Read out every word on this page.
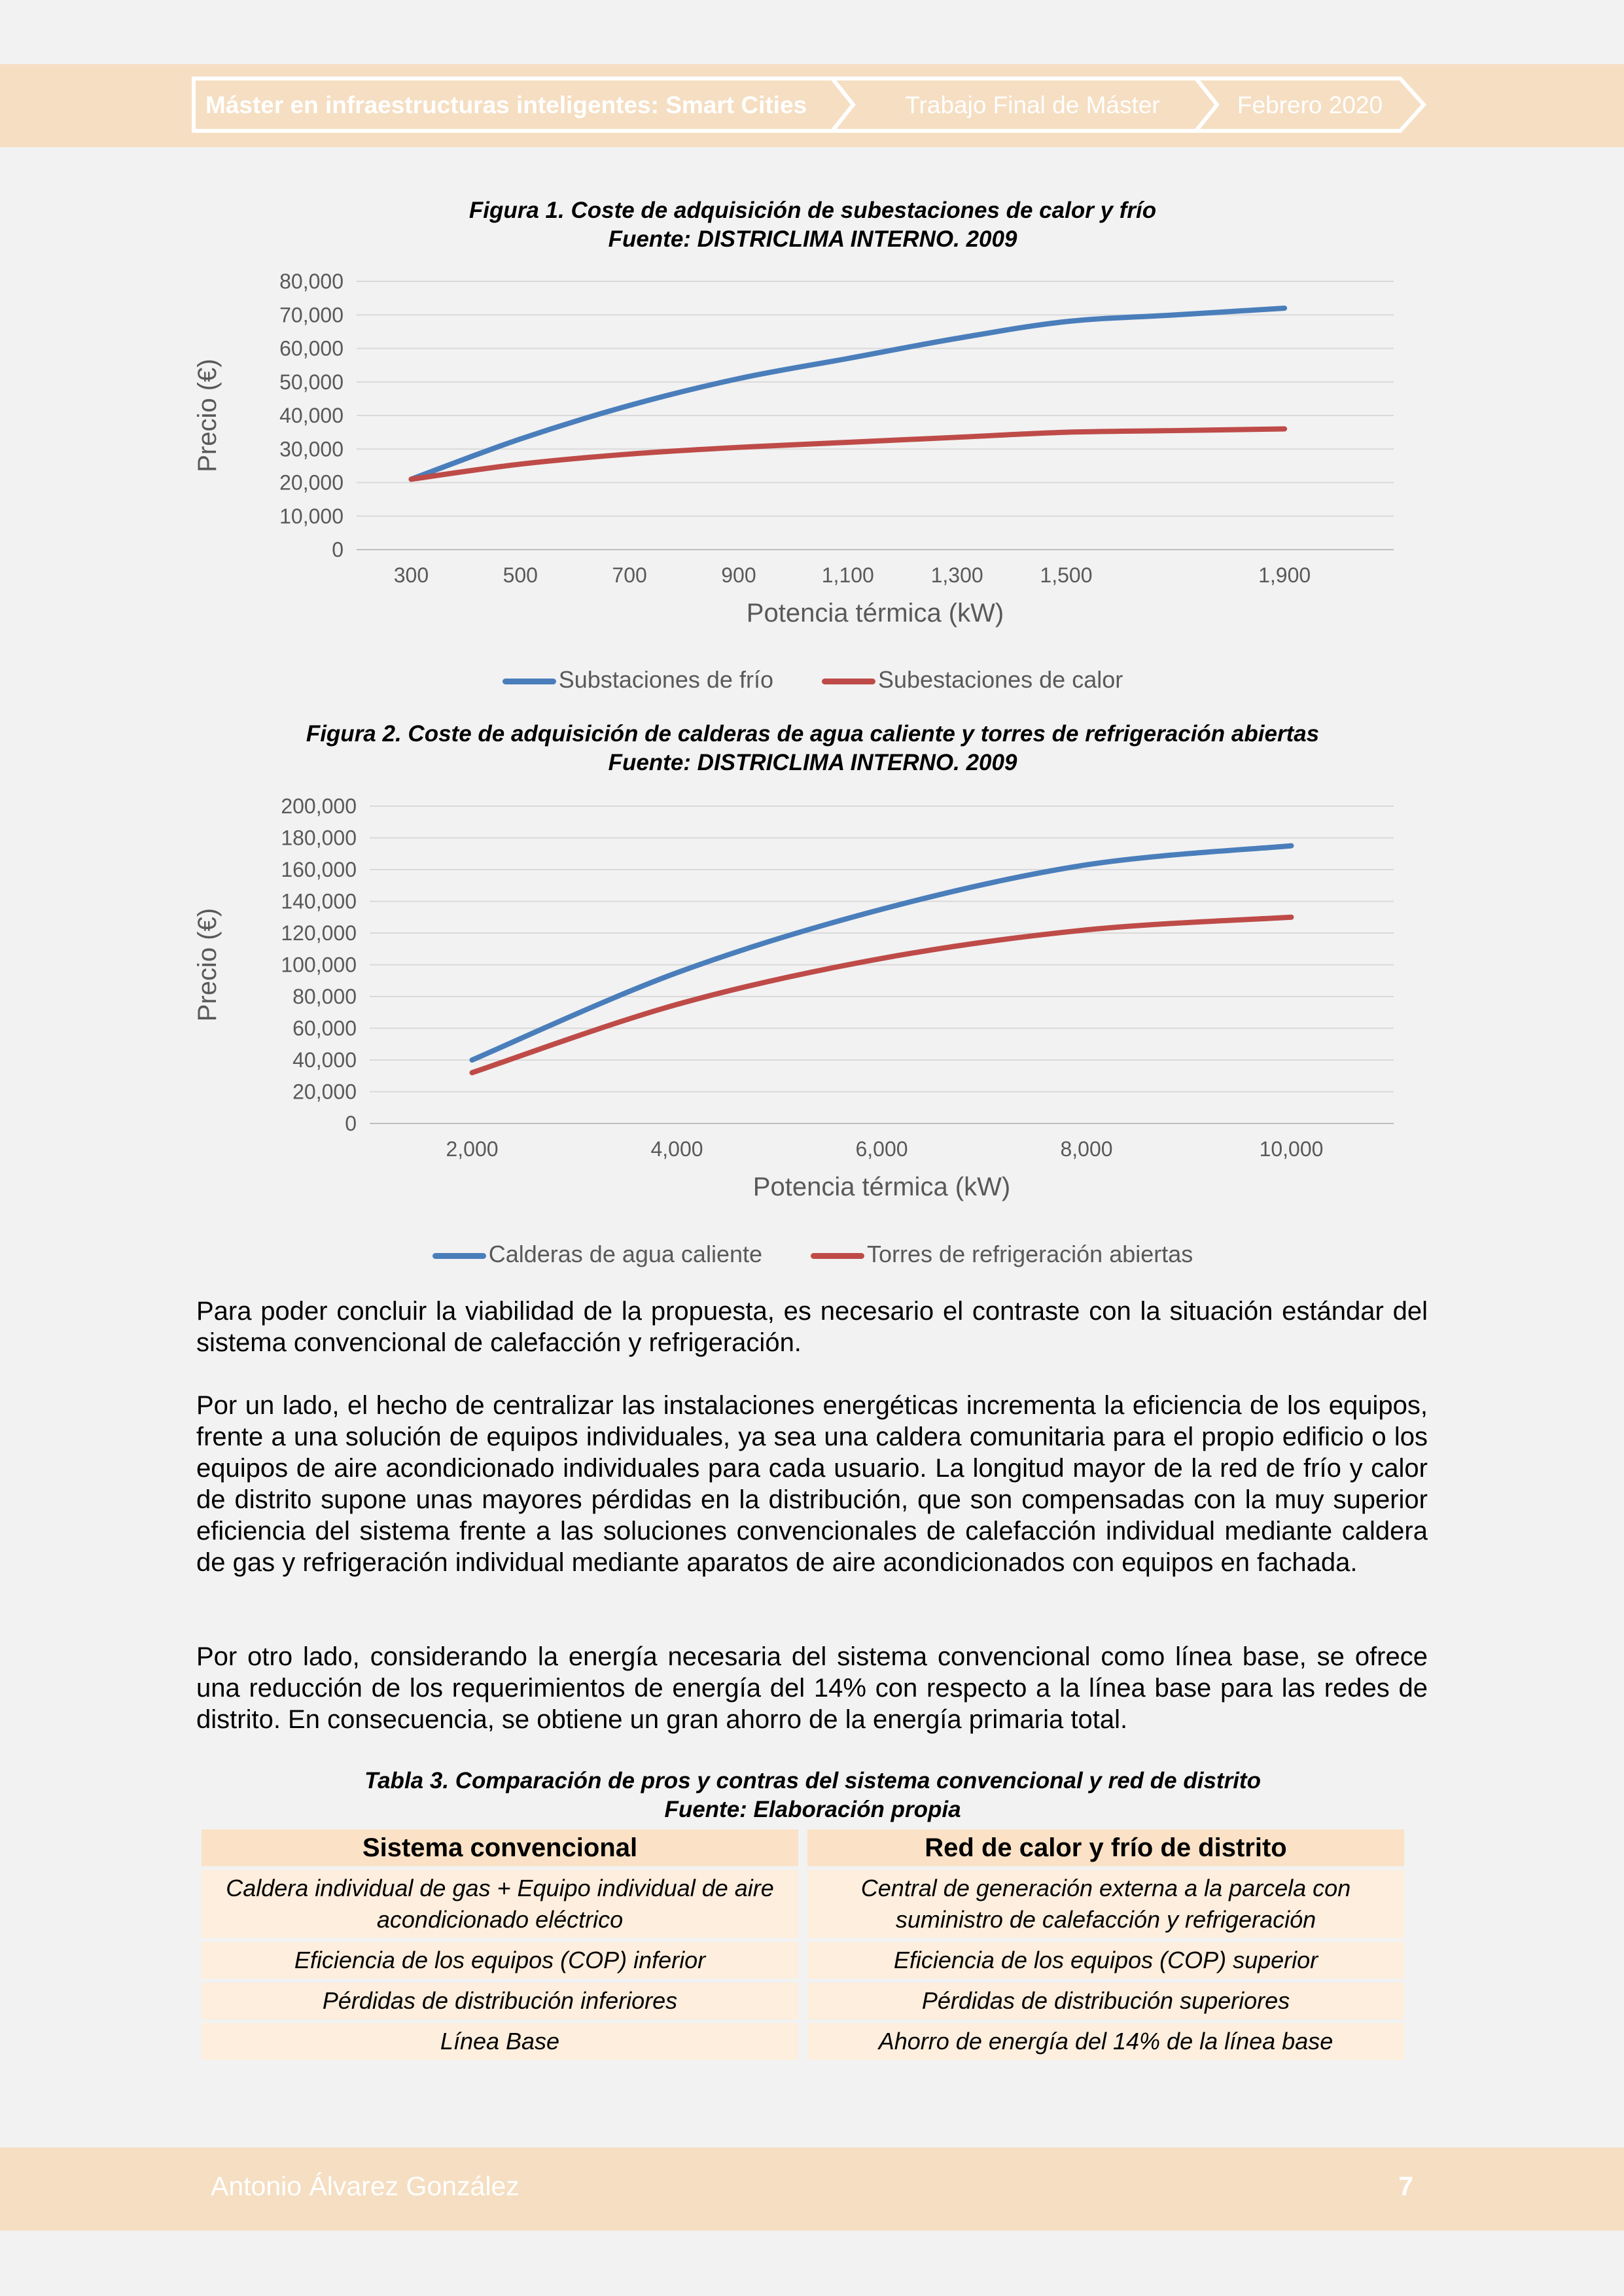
Máster en infraestructuras inteligentes: Smart Cities	Trabajo Final de Máster	Febrero 2020
Figura 1. Coste de adquisición de subestaciones de calor y frío
Fuente: DISTRICLIMA INTERNO. 2009
0
10,000
20,000
30,000
40,000
50,000
60,000
70,000
80,000
300	500	700	900	1,100	1,300	1,500	1,900
Potencia térmica (kW)
Precio (€)
Substaciones de frío	Subestaciones de calor
Figura 2. Coste de adquisición de calderas de agua caliente y torres de refrigeración abiertas
Fuente: DISTRICLIMA INTERNO. 2009
0
20,000
40,000
60,000
80,000
100,000
120,000
140,000
160,000
180,000
200,000
2,000	4,000	6,000	8,000	10,000
Potencia térmica (kW)
Precio (€)
Calderas de agua caliente	Torres de refrigeración abiertas
Para poder concluir la viabilidad de la propuesta, es necesario el contraste con la situación estándar del sistema convencional de calefacción y refrigeración.
Por un lado, el hecho de centralizar las instalaciones energéticas incrementa la eficiencia de los equipos, frente a una solución de equipos individuales, ya sea una caldera comunitaria para el propio edificio o los equipos de aire acondicionado individuales para cada usuario. La longitud mayor de la red de frío y calor de distrito supone unas mayores pérdidas en la distribución, que son compensadas con la muy superior eficiencia del sistema frente a las soluciones convencionales de calefacción individual mediante caldera de gas y refrigeración individual mediante aparatos de aire acondicionados con equipos en fachada.
Por otro lado, considerando la energía necesaria del sistema convencional como línea base, se ofrece una reducción de los requerimientos de energía del 14% con respecto a la línea base para las redes de distrito. En consecuencia, se obtiene un gran ahorro de la energía primaria total.
Tabla 3. Comparación de pros y contras del sistema convencional y red de distrito
Fuente: Elaboración propia
Sistema convencional	Red de calor y frío de distrito
Caldera individual de gas + Equipo individual de aire acondicionado eléctrico	Central de generación externa a la parcela con suministro de calefacción y refrigeración
Eficiencia de los equipos (COP) inferior	Eficiencia de los equipos (COP) superior
Pérdidas de distribución inferiores	Pérdidas de distribución superiores
Línea Base	Ahorro de energía del 14% de la línea base
Antonio Álvarez González	7
